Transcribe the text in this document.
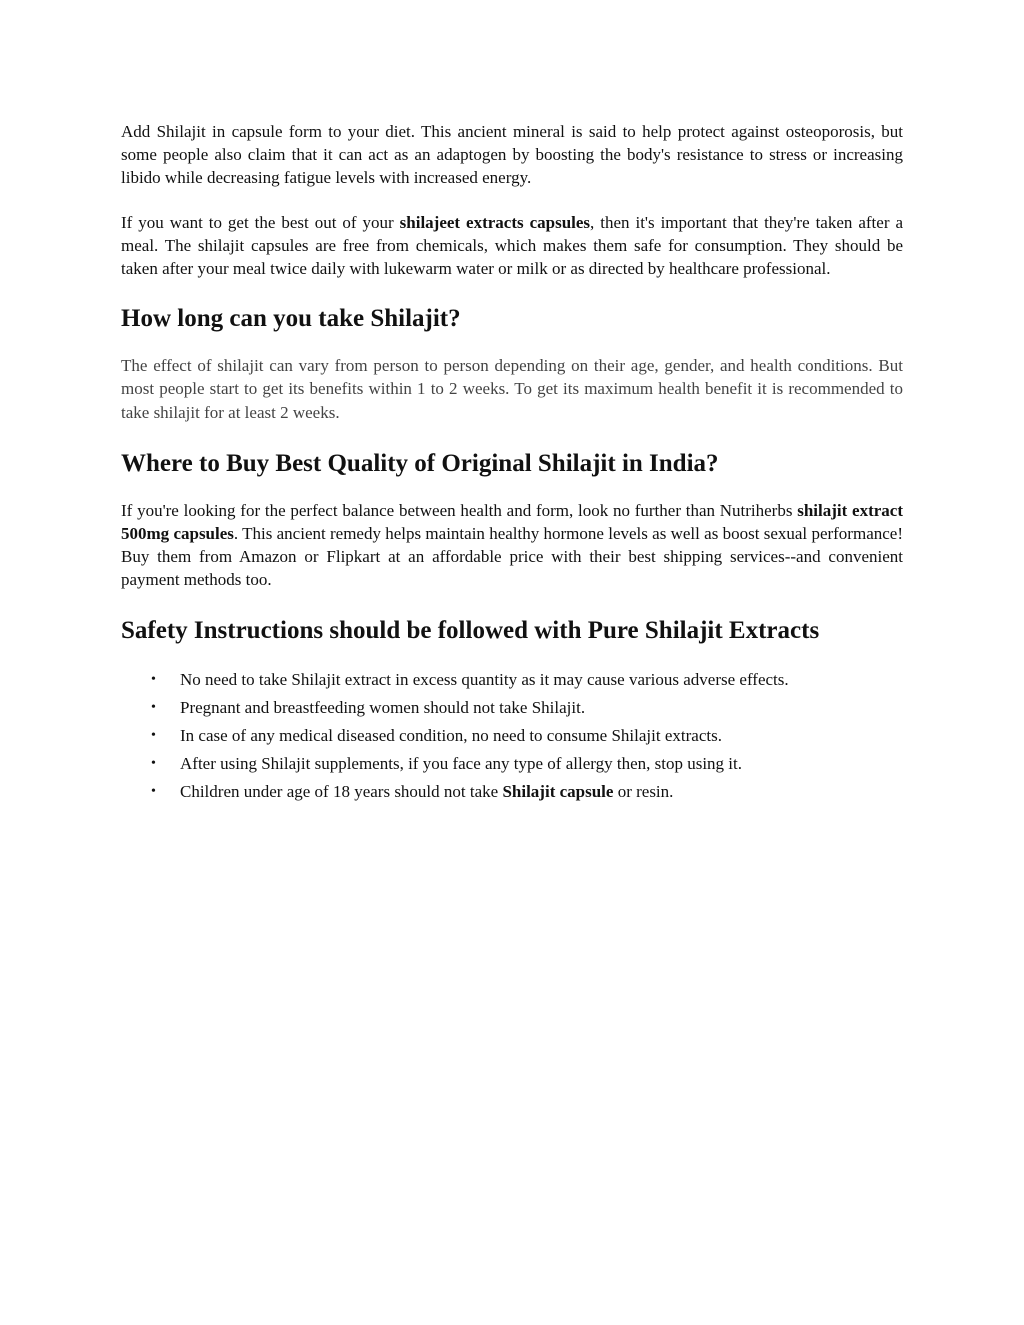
Add Shilajit in capsule form to your diet. This ancient mineral is said to help protect against osteoporosis, but some people also claim that it can act as an adaptogen by boosting the body's resistance to stress or increasing libido while decreasing fatigue levels with increased energy.

If you want to get the best out of your shilajeet extracts capsules, then it's important that they're taken after a meal. The shilajit capsules are free from chemicals, which makes them safe for consumption. They should be taken after your meal twice daily with lukewarm water or milk or as directed by healthcare professional.

How long can you take Shilajit?

The effect of shilajit can vary from person to person depending on their age, gender, and health conditions. But most people start to get its benefits within 1 to 2 weeks. To get its maximum health benefit it is recommended to take shilajit for at least 2 weeks.

Where to Buy Best Quality of Original Shilajit in India?

If you're looking for the perfect balance between health and form, look no further than Nutriherbs shilajit extract 500mg capsules. This ancient remedy helps maintain healthy hormone levels as well as boost sexual performance! Buy them from Amazon or Flipkart at an affordable price with their best shipping services--and convenient payment methods too.

Safety Instructions should be followed with Pure Shilajit Extracts
• No need to take Shilajit extract in excess quantity as it may cause various adverse effects.
• Pregnant and breastfeeding women should not take Shilajit.
• In case of any medical diseased condition, no need to consume Shilajit extracts.
• After using Shilajit supplements, if you face any type of allergy then, stop using it.
• Children under age of 18 years should not take Shilajit capsule or resin.
